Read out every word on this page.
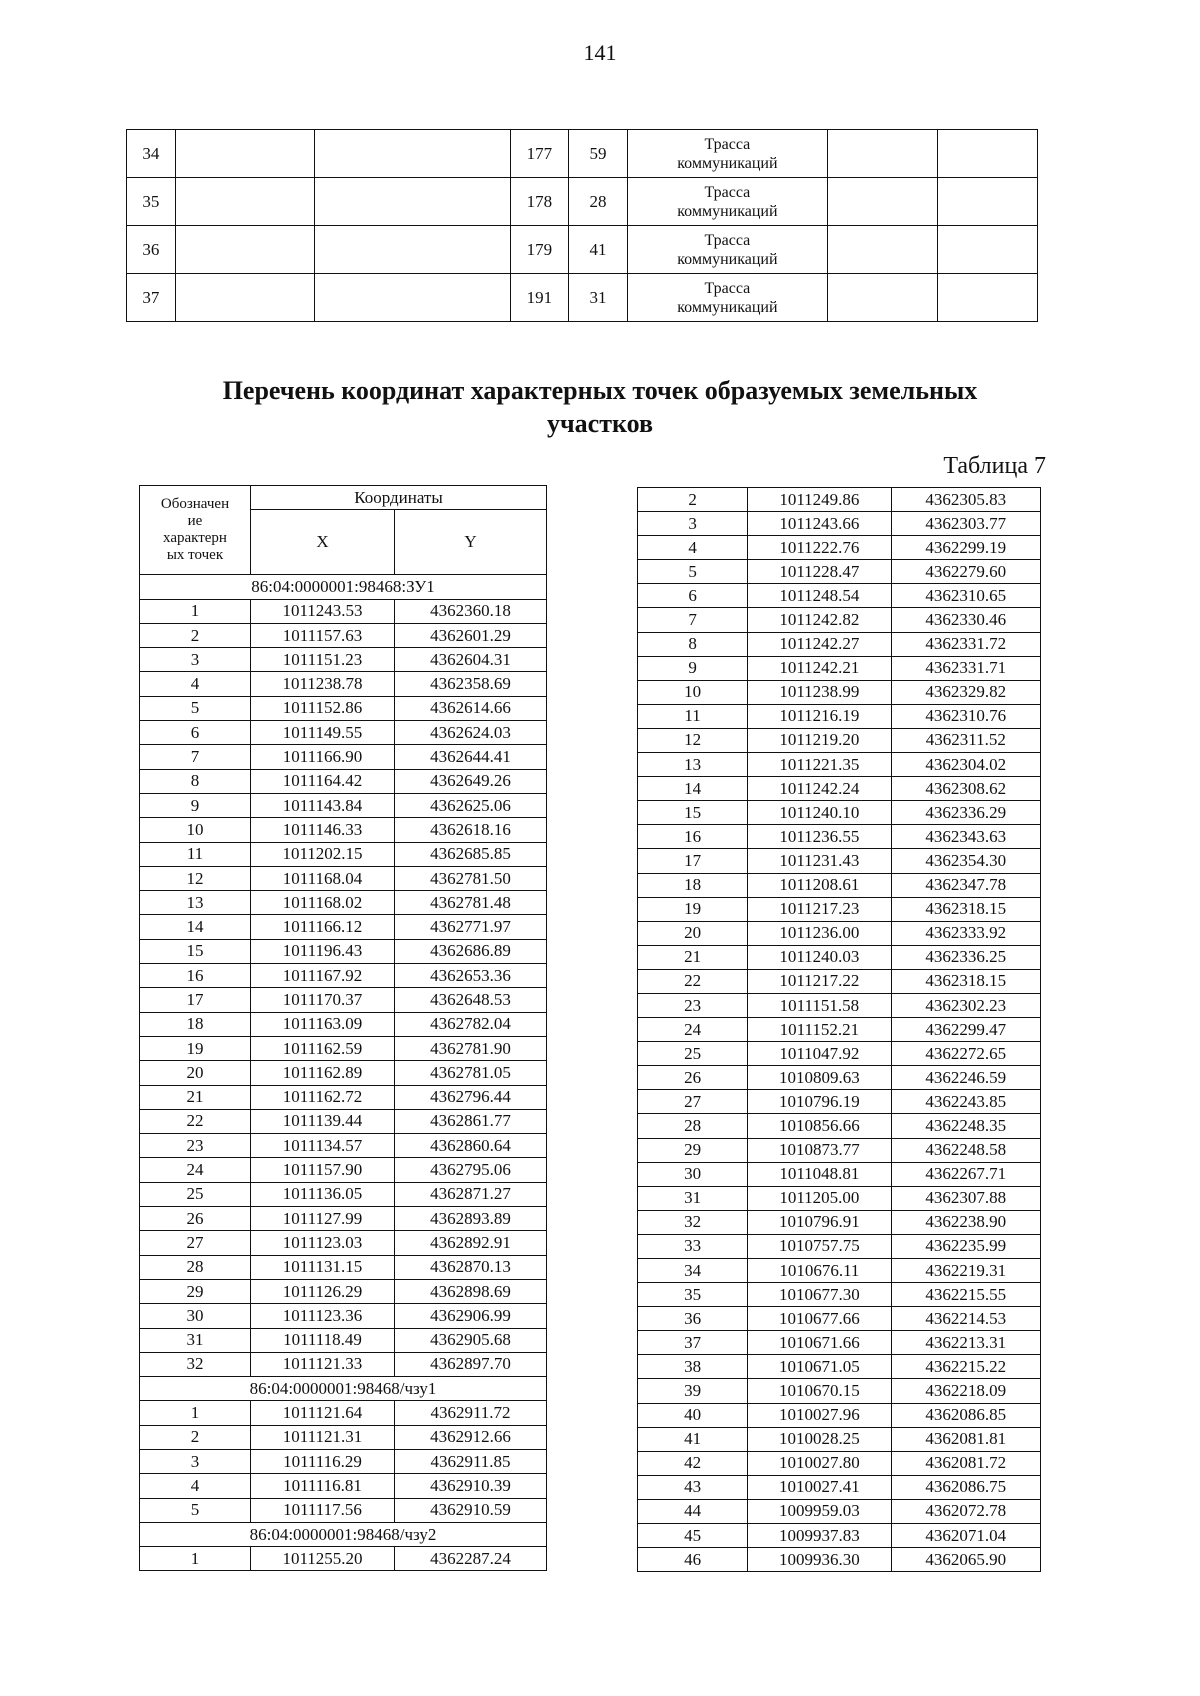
141
34			177	59	Трасса
коммуникаций		

35			178	28	Трасса
коммуникаций		

36			179	41	Трасса
коммуникаций		

37			191	31	Трасса
коммуникаций		

Перечень координат характерных точек образуемых земельных
участков
Таблица 7
Обозначен
ие
характерн
ых точек	Координаты	
	X	Y
86:04:0000001:98468:ЗУ1		
1	1011243.53	4362360.18
2	1011157.63	4362601.29
3	1011151.23	4362604.31
4	1011238.78	4362358.69
5	1011152.86	4362614.66
6	1011149.55	4362624.03
7	1011166.90	4362644.41
8	1011164.42	4362649.26
9	1011143.84	4362625.06
10	1011146.33	4362618.16
11	1011202.15	4362685.85
12	1011168.04	4362781.50
13	1011168.02	4362781.48
14	1011166.12	4362771.97
15	1011196.43	4362686.89
16	1011167.92	4362653.36
17	1011170.37	4362648.53
18	1011163.09	4362782.04
19	1011162.59	4362781.90
20	1011162.89	4362781.05
21	1011162.72	4362796.44
22	1011139.44	4362861.77
23	1011134.57	4362860.64
24	1011157.90	4362795.06
25	1011136.05	4362871.27
26	1011127.99	4362893.89
27	1011123.03	4362892.91
28	1011131.15	4362870.13
29	1011126.29	4362898.69
30	1011123.36	4362906.99
31	1011118.49	4362905.68
32	1011121.33	4362897.70
86:04:0000001:98468/чзу1		
1	1011121.64	4362911.72
2	1011121.31	4362912.66
3	1011116.29	4362911.85
4	1011116.81	4362910.39
5	1011117.56	4362910.59
86:04:0000001:98468/чзу2		
1	1011255.20	4362287.24
2	1011249.86	4362305.83
3	1011243.66	4362303.77
4	1011222.76	4362299.19
5	1011228.47	4362279.60
6	1011248.54	4362310.65
7	1011242.82	4362330.46
8	1011242.27	4362331.72
9	1011242.21	4362331.71
10	1011238.99	4362329.82
11	1011216.19	4362310.76
12	1011219.20	4362311.52
13	1011221.35	4362304.02
14	1011242.24	4362308.62
15	1011240.10	4362336.29
16	1011236.55	4362343.63
17	1011231.43	4362354.30
18	1011208.61	4362347.78
19	1011217.23	4362318.15
20	1011236.00	4362333.92
21	1011240.03	4362336.25
22	1011217.22	4362318.15
23	1011151.58	4362302.23
24	1011152.21	4362299.47
25	1011047.92	4362272.65
26	1010809.63	4362246.59
27	1010796.19	4362243.85
28	1010856.66	4362248.35
29	1010873.77	4362248.58
30	1011048.81	4362267.71
31	1011205.00	4362307.88
32	1010796.91	4362238.90
33	1010757.75	4362235.99
34	1010676.11	4362219.31
35	1010677.30	4362215.55
36	1010677.66	4362214.53
37	1010671.66	4362213.31
38	1010671.05	4362215.22
39	1010670.15	4362218.09
40	1010027.96	4362086.85
41	1010028.25	4362081.81
42	1010027.80	4362081.72
43	1010027.41	4362086.75
44	1009959.03	4362072.78
45	1009937.83	4362071.04
46	1009936.30	4362065.90
